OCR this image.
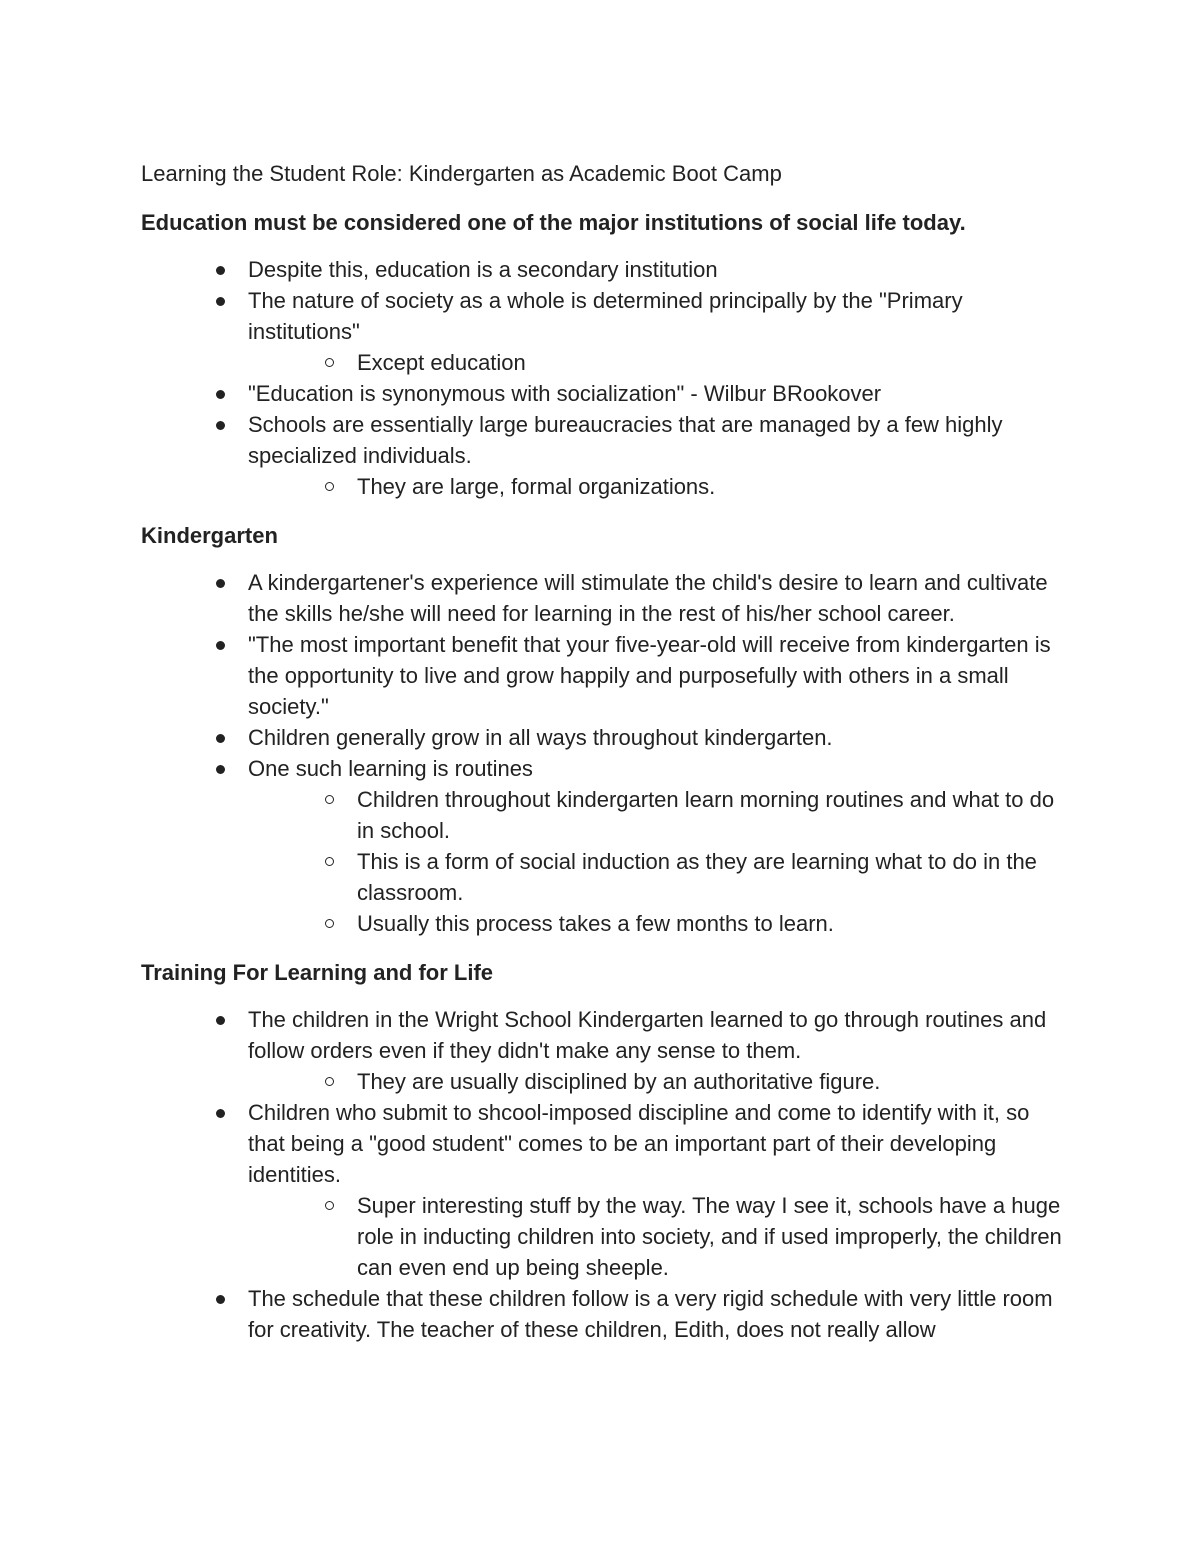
Learning the Student Role: Kindergarten as Academic Boot Camp
Education must be considered one of the major institutions of social life today.
Despite this, education is a secondary institution
The nature of society as a whole is determined principally by the "Primary institutions"
Except education
"Education is synonymous with socialization" - Wilbur BRookover
Schools are essentially large bureaucracies that are managed by a few highly specialized individuals.
They are large, formal organizations.
Kindergarten
A kindergartener's experience will stimulate the child's desire to learn and cultivate the skills he/she will need for learning in the rest of his/her school career.
"The most important benefit that your five-year-old will receive from kindergarten is the opportunity to live and grow happily and purposefully with others in a small society."
Children generally grow in all ways throughout kindergarten.
One such learning is routines
Children throughout kindergarten learn morning routines and what to do in school.
This is a form of social induction as they are learning what to do in the classroom.
Usually this process takes a few months to learn.
Training For Learning and for Life
The children in the Wright School Kindergarten learned to go through routines and follow orders even if they didn't make any sense to them.
They are usually disciplined by an authoritative figure.
Children who submit to shcool-imposed discipline and come to identify with it, so that being a "good student" comes to be an important part of their developing identities.
Super interesting stuff by the way. The way I see it, schools have a huge role in inducting children into society, and if used improperly, the children can even end up being sheeple.
The schedule that these children follow is a very rigid schedule with very little room for creativity. The teacher of these children, Edith, does not really allow
